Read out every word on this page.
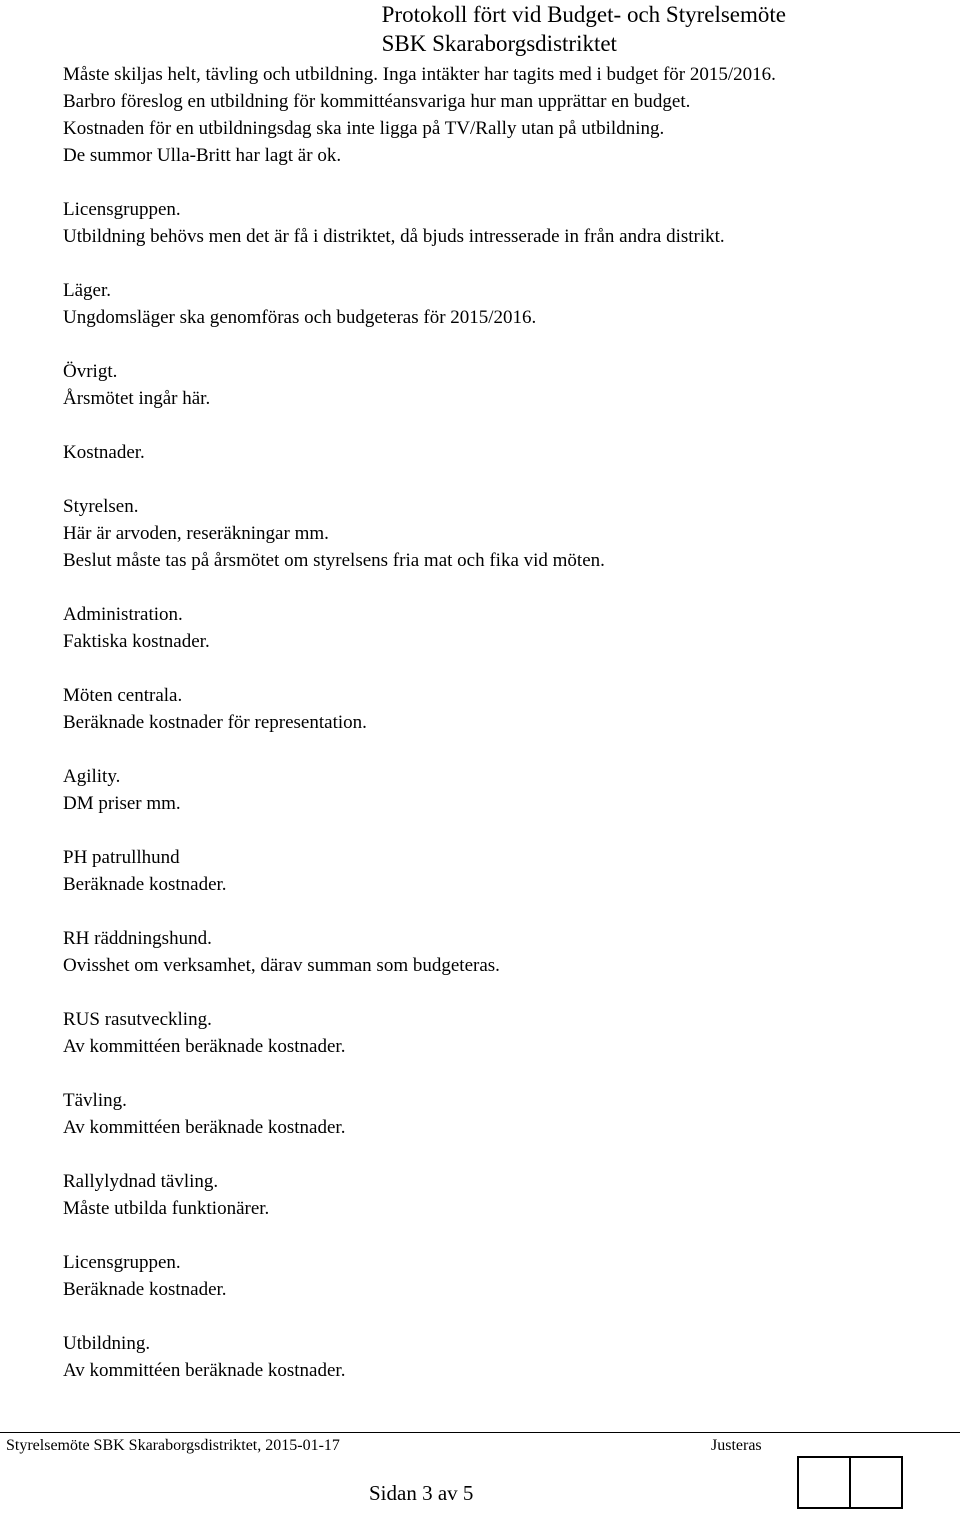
Protokoll fört vid Budget- och Styrelsemöte
SBK Skaraborgsdistriktet
Måste skiljas helt, tävling och utbildning. Inga intäkter har tagits med i budget för 2015/2016.
Barbro föreslog en utbildning för kommittéansvariga hur man upprättar en budget.
Kostnaden för en utbildningsdag ska inte ligga på TV/Rally utan på utbildning.
De summor Ulla-Britt har lagt är ok.
Licensgruppen.
Utbildning behövs men det är få i distriktet, då bjuds intresserade in från andra distrikt.
Läger.
Ungdomsläger ska genomföras och budgeteras för 2015/2016.
Övrigt.
Årsmötet ingår här.
Kostnader.
Styrelsen.
Här är arvoden, reseräkningar mm.
Beslut måste tas på årsmötet om styrelsens fria mat och fika vid möten.
Administration.
Faktiska kostnader.
Möten centrala.
Beräknade kostnader för representation.
Agility.
DM priser mm.
PH patrullhund
Beräknade kostnader.
RH räddningshund.
Ovisshet om verksamhet, därav summan som budgeteras.
RUS rasutveckling.
Av kommittéen beräknade kostnader.
Tävling.
Av kommittéen beräknade kostnader.
Rallylydnad tävling.
Måste utbilda funktionärer.
Licensgruppen.
Beräknade kostnader.
Utbildning.
Av kommittéen beräknade kostnader.
Styrelsemöte SBK Skaraborgsdistriktet, 2015-01-17	Justeras
Sidan 3 av 5
